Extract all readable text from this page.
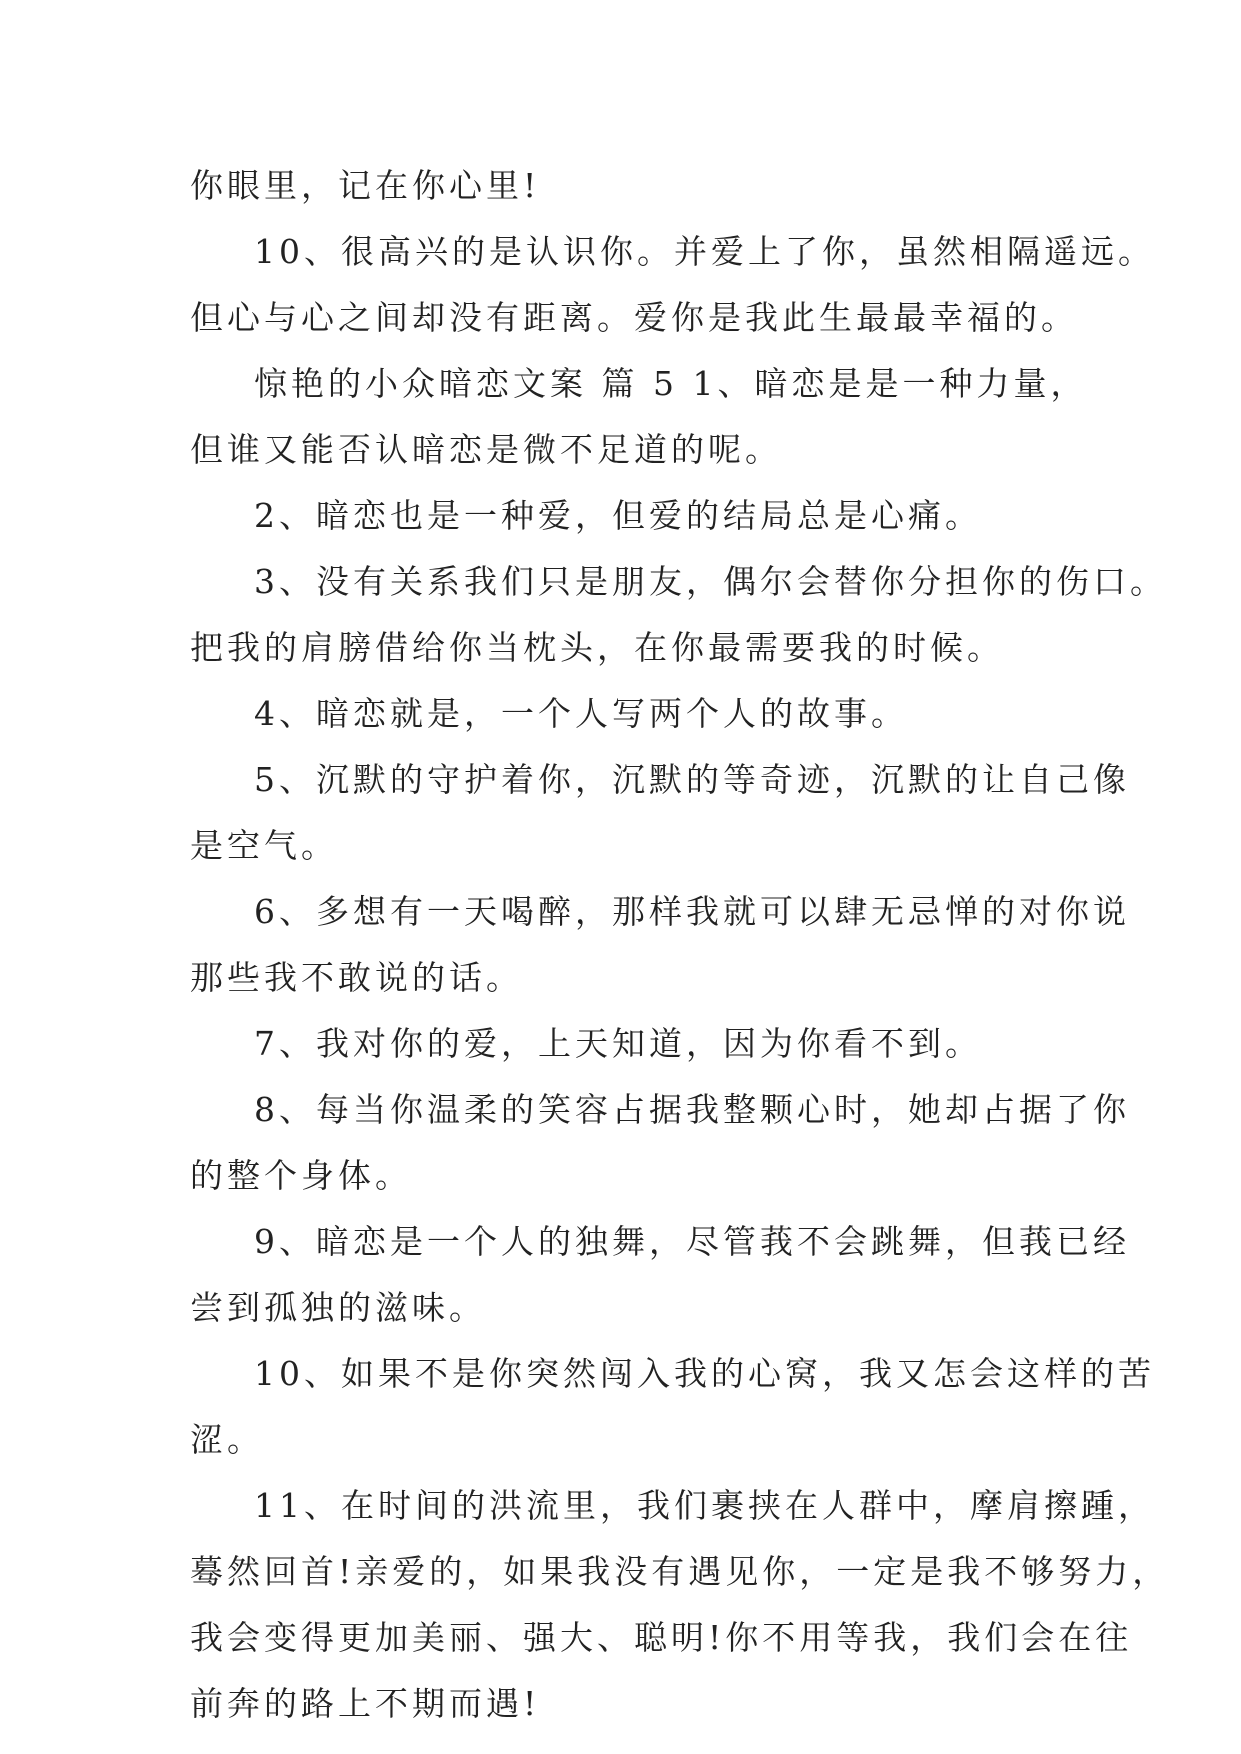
你眼里，记在你心里!
10、很高兴的是认识你。并爱上了你，虽然相隔遥远。
但心与心之间却没有距离。爱你是我此生最最幸福的。
惊艳的小众暗恋文案 篇 5 1、暗恋是是一种力量，
但谁又能否认暗恋是微不足道的呢。
2、暗恋也是一种爱，但爱的结局总是心痛。
3、没有关系我们只是朋友，偶尔会替你分担你的伤口。
把我的肩膀借给你当枕头，在你最需要我的时候。
4、暗恋就是，一个人写两个人的故事。
5、沉默的守护着你，沉默的等奇迹，沉默的让自己像
是空气。
6、多想有一天喝醉，那样我就可以肆无忌惮的对你说
那些我不敢说的话。
7、我对你的爱，上天知道，因为你看不到。
8、每当你温柔的笑容占据我整颗心时，她却占据了你
的整个身体。
9、暗恋是一个人的独舞，尽管莪不会跳舞，但莪已经
尝到孤独的滋味。
10、如果不是你突然闯入我的心窝，我又怎会这样的苦
涩。
11、在时间的洪流里，我们裹挟在人群中，摩肩擦踵，
蓦然回首!亲爱的，如果我没有遇见你，一定是我不够努力，
我会变得更加美丽、强大、聪明!你不用等我，我们会在往
前奔的路上不期而遇!
